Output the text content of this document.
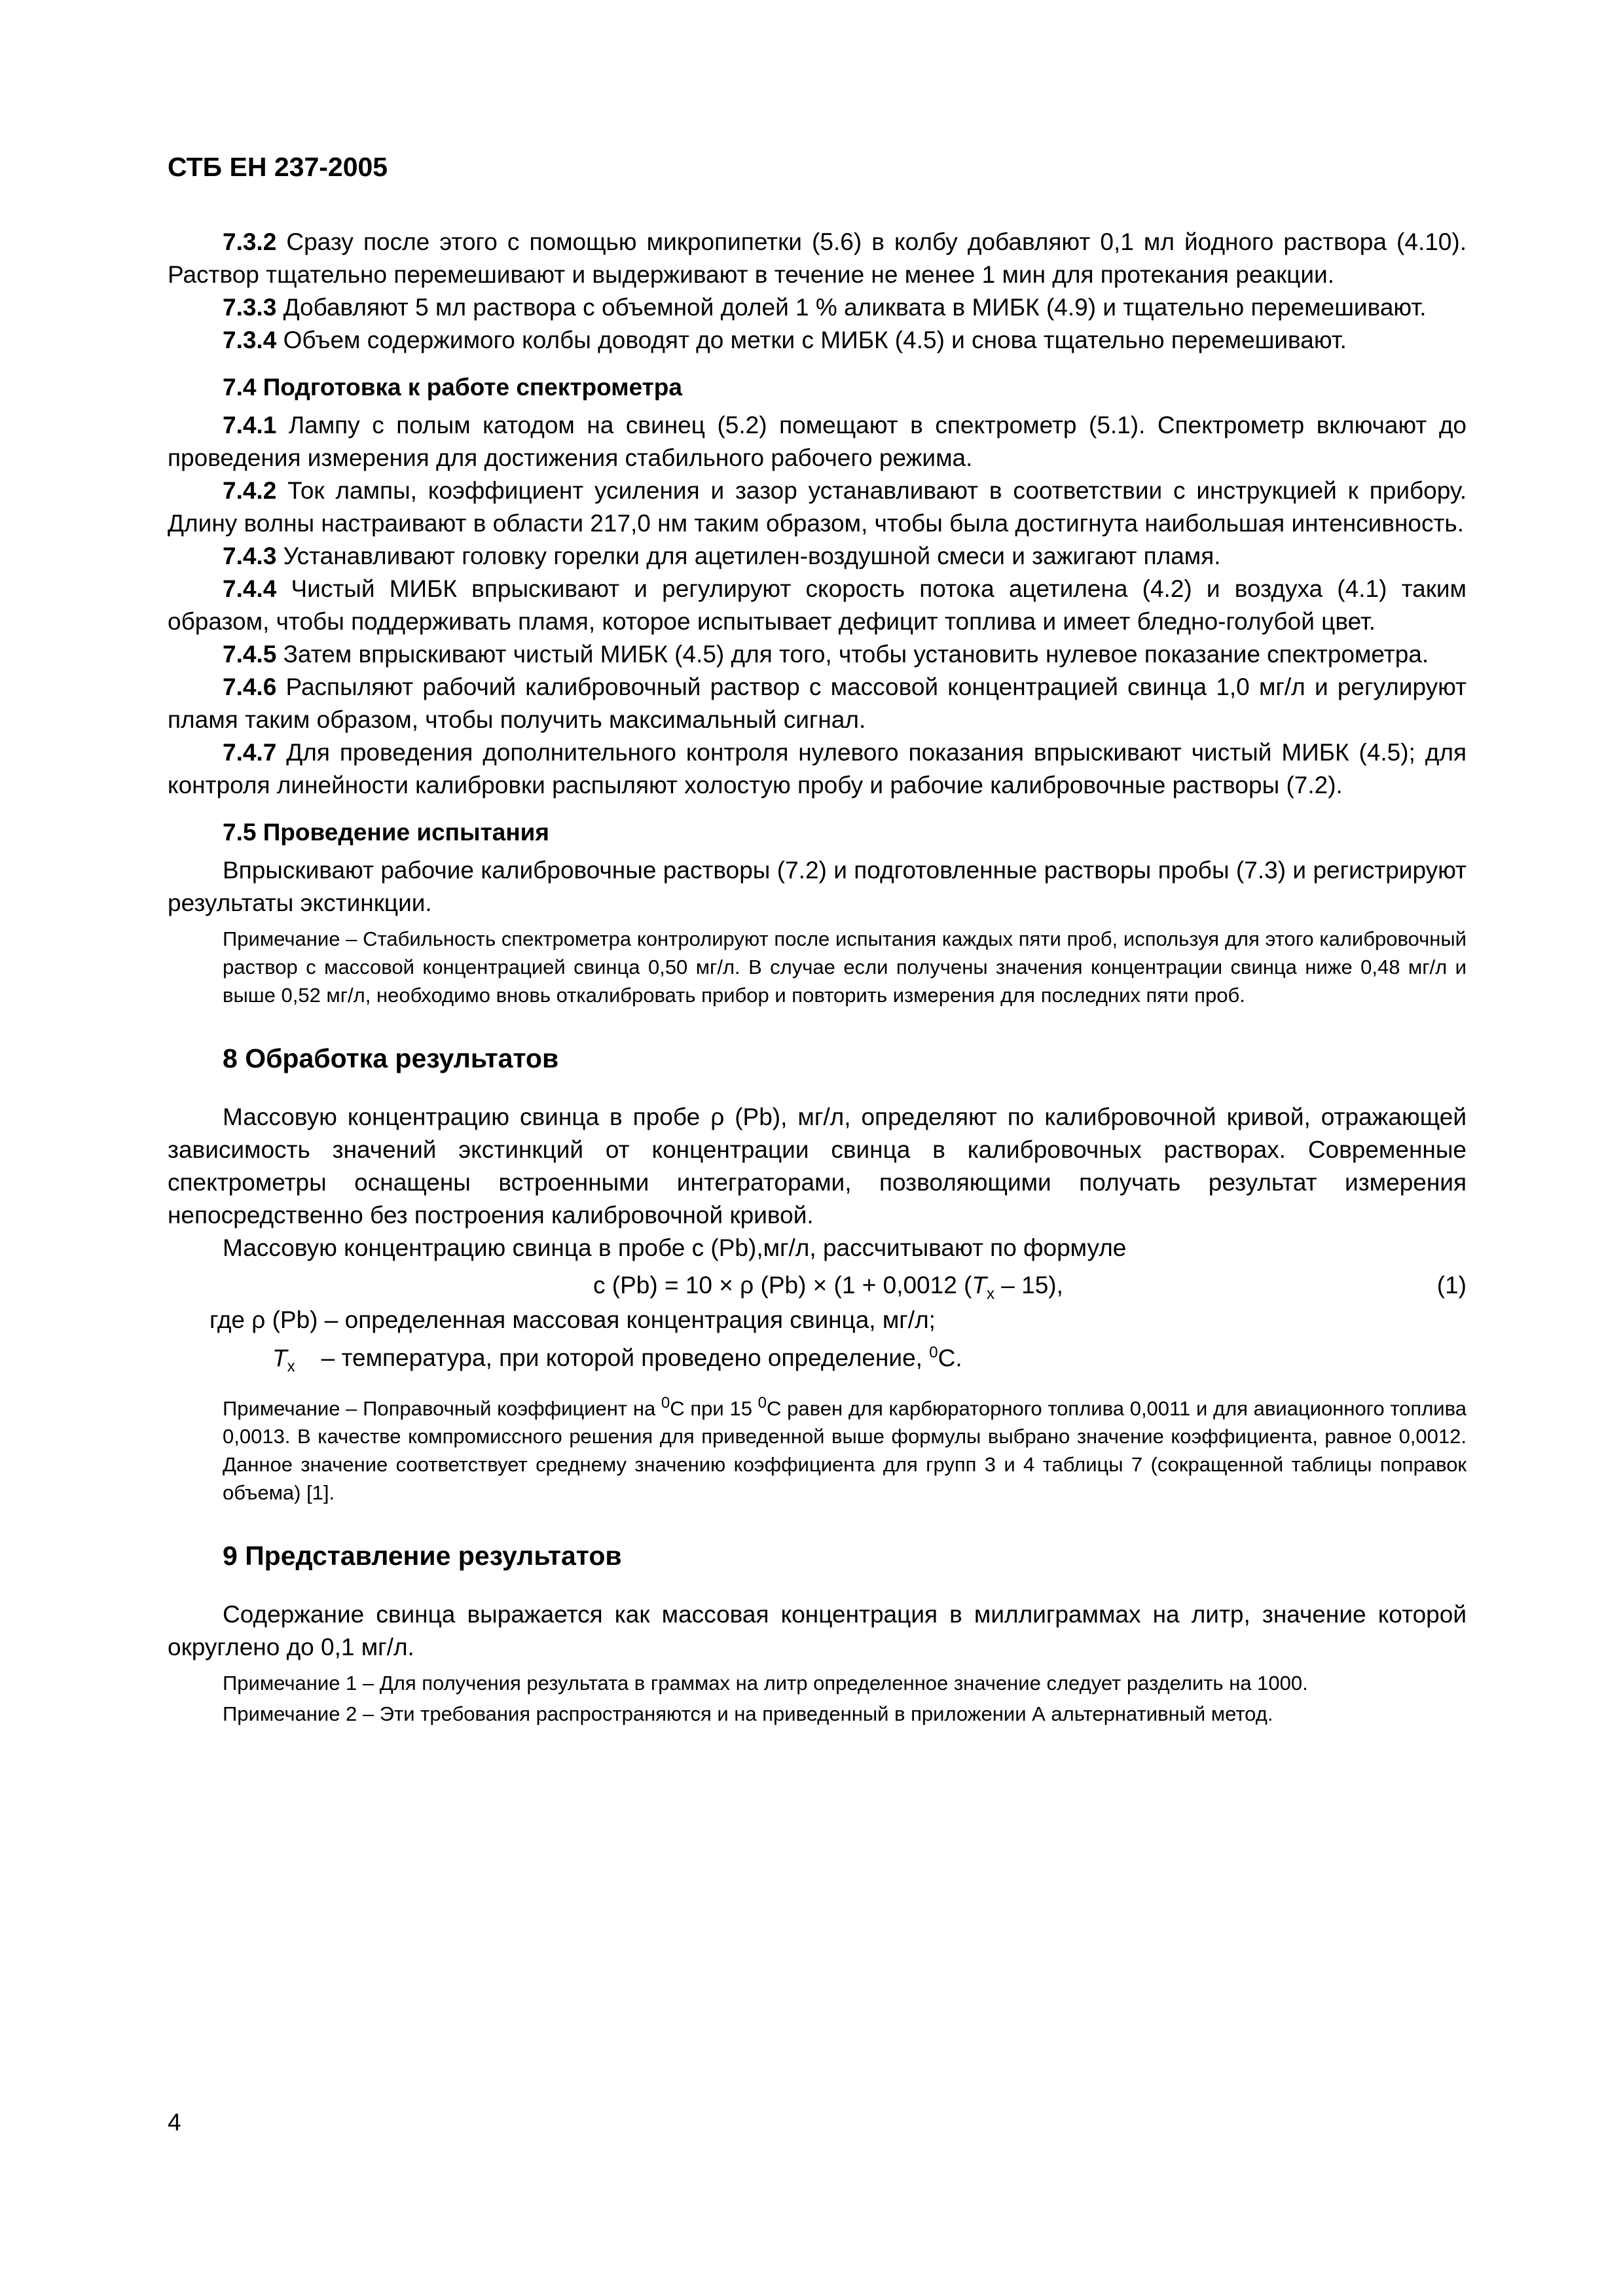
СТБ ЕН 237-2005

7.3.2 Сразу после этого с помощью микропипетки (5.6) в колбу добавляют 0,1 мл йодного раствора (4.10). Раствор тщательно перемешивают и выдерживают в течение не менее 1 мин для протекания реакции.

7.3.3 Добавляют 5 мл раствора с объемной долей 1 % аликвата в МИБК (4.9) и тщательно перемешивают.

7.3.4 Объем содержимого колбы доводят до метки с МИБК (4.5) и снова тщательно перемешивают.

7.4 Подготовка к работе спектрометра

7.4.1 Лампу с полым катодом на свинец (5.2) помещают в спектрометр (5.1). Спектрометр включают до проведения измерения для достижения стабильного рабочего режима.

7.4.2 Ток лампы, коэффициент усиления и зазор устанавливают в соответствии с инструкцией к прибору. Длину волны настраивают в области 217,0 нм таким образом, чтобы была достигнута наибольшая интенсивность.

7.4.3 Устанавливают головку горелки для ацетилен-воздушной смеси и зажигают пламя.

7.4.4 Чистый МИБК впрыскивают и регулируют скорость потока ацетилена (4.2) и воздуха (4.1) таким образом, чтобы поддерживать пламя, которое испытывает дефицит топлива и имеет бледно-голубой цвет.

7.4.5 Затем впрыскивают чистый МИБК (4.5) для того, чтобы установить нулевое показание спектрометра.

7.4.6 Распыляют рабочий калибровочный раствор с массовой концентрацией свинца 1,0 мг/л и регулируют пламя таким образом, чтобы получить максимальный сигнал.

7.4.7 Для проведения дополнительного контроля нулевого показания впрыскивают чистый МИБК (4.5); для контроля линейности калибровки распыляют холостую пробу и рабочие калибровочные растворы (7.2).

7.5 Проведение испытания

Впрыскивают рабочие калибровочные растворы (7.2) и подготовленные растворы пробы (7.3) и регистрируют результаты экстинкции.

Примечание – Стабильность спектрометра контролируют после испытания каждых пяти проб, используя для этого калибровочный раствор с массовой концентрацией свинца 0,50 мг/л. В случае если получены значения концентрации свинца ниже 0,48 мг/л и выше 0,52 мг/л, необходимо вновь откалибровать прибор и повторить измерения для последних пяти проб.
8 Обработка результатов

Массовую концентрацию свинца в пробе ρ (Pb), мг/л, определяют по калибровочной кривой, отражающей зависимость значений экстинкций от концентрации свинца в калибровочных растворах. Современные спектрометры оснащены встроенными интеграторами, позволяющими получать результат измерения непосредственно без построения калибровочной кривой.

Массовую концентрацию свинца в пробе c (Pb),мг/л, рассчитывают по формуле

c (Pb) = 10 × ρ (Pb) × (1 + 0,0012 $(T_x - 15)$,	(1)
где ρ (Pb) – определенная массовая концентрация свинца, мг/л;
$T_x$ – температура, при которой проведено определение, $^0$C.
Примечание – Поправочный коэффициент на $^0$C при 15 $^0$C равен для карбюраторного топлива 0,0011 и для авиационного топлива 0,0013. В качестве компромиссного решения для приведенной выше формулы выбрано значение коэффициента, равное 0,0012. Данное значение соответствует среднему значению коэффициента для групп 3 и 4 таблицы 7 (сокращенной таблицы поправок объема) [1].
9 Представление результатов

Содержание свинца выражается как массовая концентрация в миллиграммах на литр, значение которой округлено до 0,1 мг/л.

Примечание 1 – Для получения результата в граммах на литр определенное значение следует разделить на 1000.
Примечание 2 – Эти требования распространяются и на приведенный в приложении А альтернативный метод.
4
